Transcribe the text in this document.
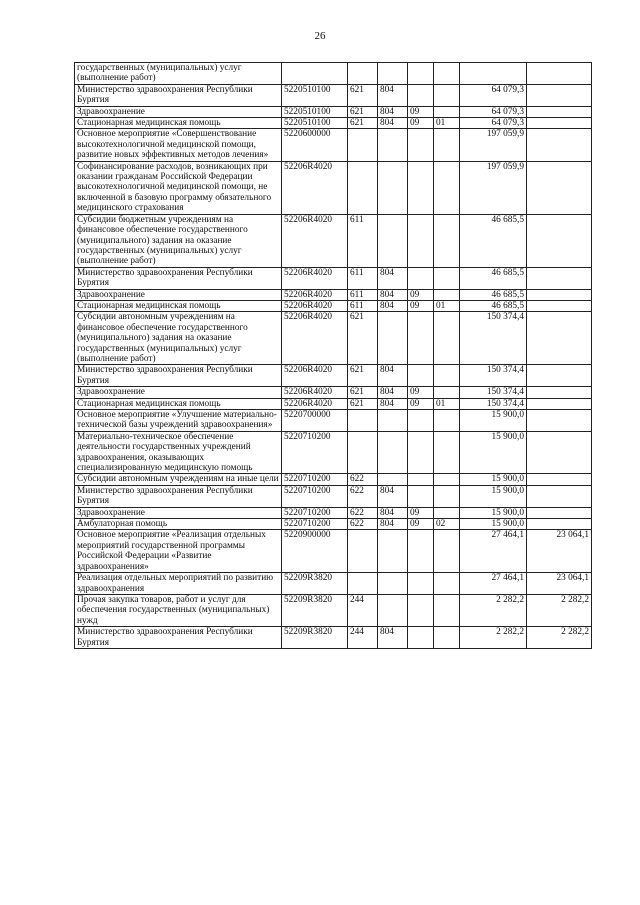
26
государственных (муниципальных) услуг (выполнение работ)							
Министерство здравоохранения Республики Бурятия	5220510100	621	804			64 079,3	
Здравоохранение	5220510100	621	804	09		64 079,3	
Стационарная медицинская помощь	5220510100	621	804	09	01	64 079,3	
Основное мероприятие «Совершенствование высокотехнологичной медицинской помощи, развитие новых эффективных методов лечения»	5220600000					197 059,9	
Софинансирование расходов, возникающих при оказании гражданам Российской Федерации высокотехнологичной медицинской помощи, не включенной в базовую программу обязательного медицинского страхования	52206R4020					197 059,9	
Субсидии бюджетным учреждениям на финансовое обеспечение государственного (муниципального) задания на оказание государственных (муниципальных) услуг (выполнение работ)	52206R4020	611				46 685,5	
Министерство здравоохранения Республики Бурятия	52206R4020	611	804			46 685,5	
Здравоохранение	52206R4020	611	804	09		46 685,5	
Стационарная медицинская помощь	52206R4020	611	804	09	01	46 685,5	
Субсидии автономным учреждениям на финансовое обеспечение государственного (муниципального) задания на оказание государственных (муниципальных) услуг (выполнение работ)	52206R4020	621				150 374,4	
Министерство здравоохранения Республики Бурятия	52206R4020	621	804			150 374,4	
Здравоохранение	52206R4020	621	804	09		150 374,4	
Стационарная медицинская помощь	52206R4020	621	804	09	01	150 374,4	
Основное мероприятие «Улучшение материально-технической базы учреждений здравоохранения»	5220700000					15 900,0	
Материально-техническое обеспечение деятельности государственных учреждений здравоохранения, оказывающих специализированную медицинскую помощь	5220710200					15 900,0	
Субсидии автономным учреждениям на иные цели	5220710200	622				15 900,0	
Министерство здравоохранения Республики Бурятия	5220710200	622	804			15 900,0	
Здравоохранение	5220710200	622	804	09		15 900,0	
Амбулаторная помощь	5220710200	622	804	09	02	15 900,0	
Основное мероприятие «Реализация отдельных мероприятий государственной программы Российской Федерации «Развитие здравоохранения»	5220900000					27 464,1	23 064,1
Реализация отдельных мероприятий по развитию здравоохранения	52209R3820					27 464,1	23 064,1
Прочая закупка товаров, работ и услуг для обеспечения государственных (муниципальных) нужд	52209R3820	244				2 282,2	2 282,2
Министерство здравоохранения Республики Бурятия	52209R3820	244	804			2 282,2	2 282,2
